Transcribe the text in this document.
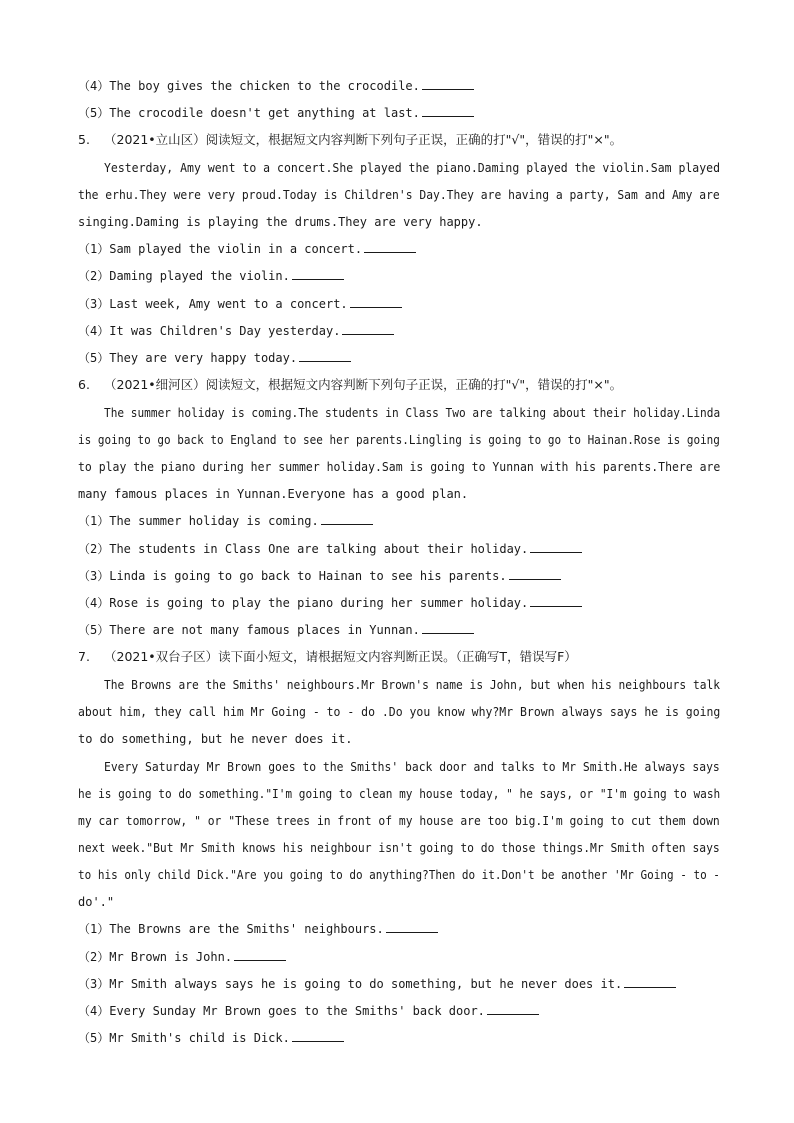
（4）The boy gives the chicken to the crocodile.
（5）The crocodile doesn't get anything at last.
5. （2021•立山区）阅读短文，根据短文内容判断下列句子正误，正确的打"√"，错误的打"×"。
Yesterday, Amy went to a concert.She played the piano.Daming played the violin.Sam played
the erhu.They were very proud.Today is Children's Day.They are having a party, Sam and Amy are
singing.Daming is playing the drums.They are very happy.
（1）Sam played the violin in a concert.
（2）Daming played the violin.
（3）Last week, Amy went to a concert.
（4）It was Children's Day yesterday.
（5）They are very happy today.
6. （2021•细河区）阅读短文，根据短文内容判断下列句子正误，正确的打"√"，错误的打"×"。
The summer holiday is coming.The students in Class Two are talking about their holiday.Linda
is going to go back to England to see her parents.Lingling is going to go to Hainan.Rose is going
to play the piano during her summer holiday.Sam is going to Yunnan with his parents.There are
many famous places in Yunnan.Everyone has a good plan.
（1）The summer holiday is coming.
（2）The students in Class One are talking about their holiday.
（3）Linda is going to go back to Hainan to see his parents.
（4）Rose is going to play the piano during her summer holiday.
（5）There are not many famous places in Yunnan.
7. （2021•双台子区）读下面小短文，请根据短文内容判断正误。（正确写T，错误写F）
The Browns are the Smiths' neighbours.Mr Brown's name is John, but when his neighbours talk
about him, they call him Mr Going - to - do .Do you know why?Mr Brown always says he is going
to do something, but he never does it.
Every Saturday Mr Brown goes to the Smiths' back door and talks to Mr Smith.He always says
he is going to do something."I'm going to clean my house today, " he says, or "I'm going to wash
my car tomorrow, " or "These trees in front of my house are too big.I'm going to cut them down
next week."But Mr Smith knows his neighbour isn't going to do those things.Mr Smith often says
to his only child Dick."Are you going to do anything?Then do it.Don't be another 'Mr Going - to -
do'."
（1）The Browns are the Smiths' neighbours.
（2）Mr Brown is John.
（3）Mr Smith always says he is going to do something, but he never does it.
（4）Every Sunday Mr Brown goes to the Smiths' back door.
（5）Mr Smith's child is Dick.
